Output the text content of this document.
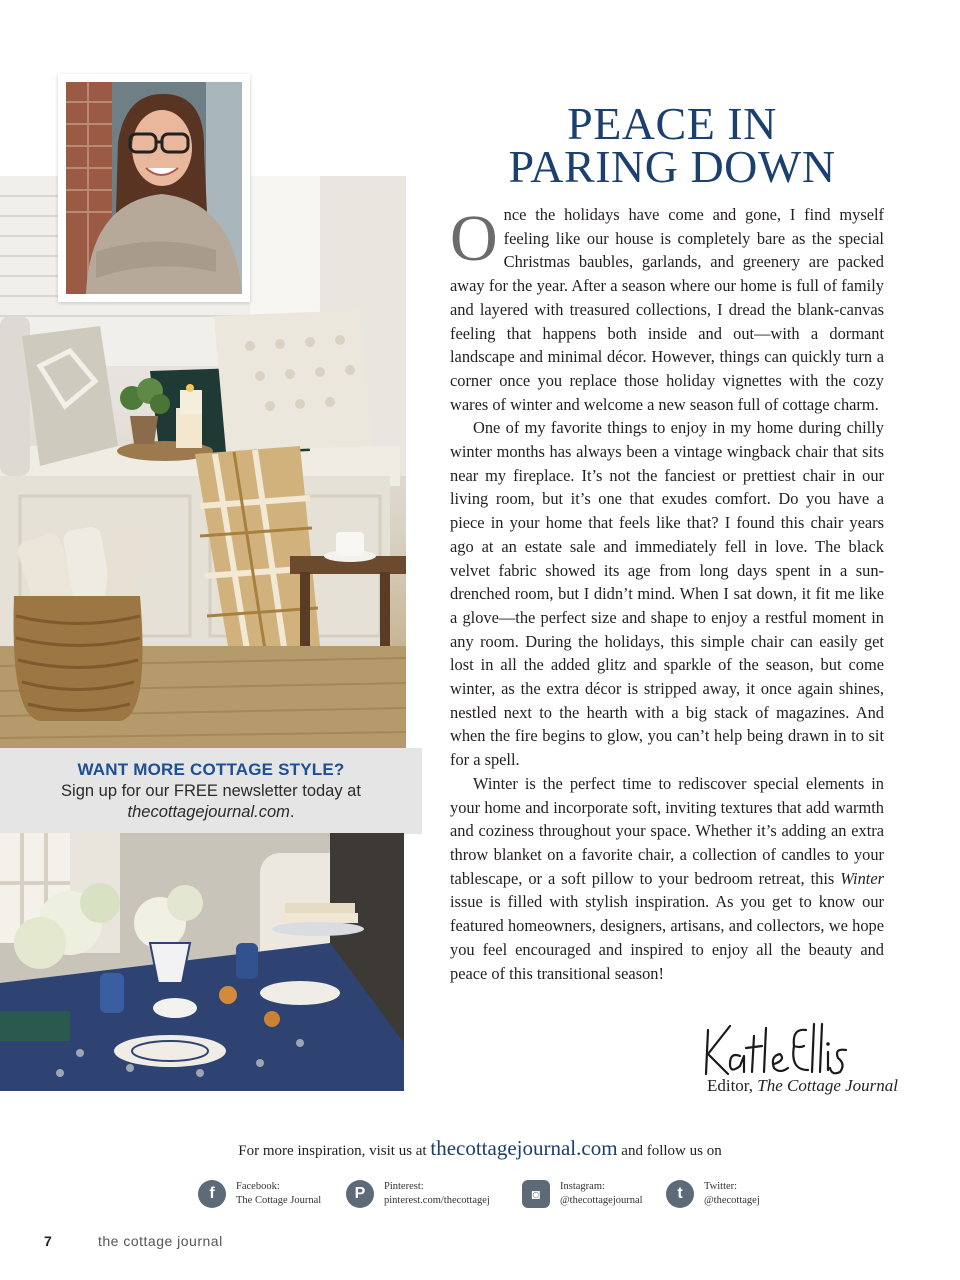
WANT MORE COTTAGE STYLE?
Sign up for our FREE newsletter today at
thecottagejournal.com.
PEACE IN
PARING DOWN

Once the holidays have come and gone, I find myself feeling like our house is completely bare as the special Christmas baubles, garlands, and greenery are packed away for the year. After a season where our home is full of family and layered with treasured collections, I dread the blank-canvas feeling that happens both inside and out—with a dormant landscape and minimal décor. However, things can quickly turn a corner once you replace those holiday vignettes with the cozy wares of winter and welcome a new season full of cottage charm.

One of my favorite things to enjoy in my home during chilly winter months has always been a vintage wingback chair that sits near my fireplace. It’s not the fanciest or prettiest chair in our living room, but it’s one that exudes comfort. Do you have a piece in your home that feels like that? I found this chair years ago at an estate sale and immediately fell in love. The black velvet fabric showed its age from long days spent in a sun-drenched room, but I didn’t mind. When I sat down, it fit me like a glove—the perfect size and shape to enjoy a restful moment in any room. During the holidays, this simple chair can easily get lost in all the added glitz and sparkle of the season, but come winter, as the extra décor is stripped away, it once again shines, nestled next to the hearth with a big stack of magazines. And when the fire begins to glow, you can’t help being drawn in to sit for a spell.

Winter is the perfect time to rediscover special elements in your home and incorporate soft, inviting textures that add warmth and coziness throughout your space. Whether it’s adding an extra throw blanket on a favorite chair, a collection of candles to your tablescape, or a soft pillow to your bedroom retreat, this Winter issue is filled with stylish inspiration. As you get to know our featured homeowners, designers, artisans, and collectors, we hope you feel encouraged and inspired to enjoy all the beauty and peace of this transitional season!

Editor, The Cottage Journal
For more inspiration, visit us at thecottagejournal.com and follow us on
f	Facebook:
The Cottage Journal	P	Pinterest:
pinterest.com/thecottagej	◙	Instagram:
@thecottagejournal	t	Twitter:
@thecottagej
7	the cottage journal
